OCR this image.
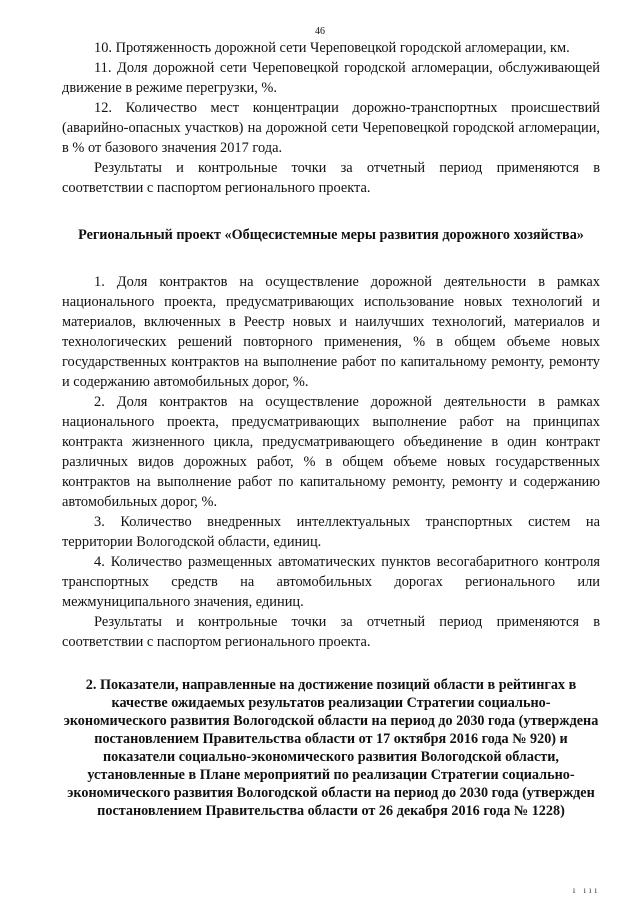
46

10. Протяженность дорожной сети Череповецкой городской агломерации, км.

11. Доля дорожной сети Череповецкой городской агломерации, обслуживающей движение в режиме перегрузки, %.

12. Количество мест концентрации дорожно-транспортных происшествий (аварийно-опасных участков) на дорожной сети Череповецкой городской агломерации, в % от базового значения 2017 года.

Результаты и контрольные точки за отчетный период применяются в соответствии с паспортом регионального проекта.

Региональный проект «Общесистемные меры развития дорожного хозяйства»

1. Доля контрактов на осуществление дорожной деятельности в рамках национального проекта, предусматривающих использование новых технологий и материалов, включенных в Реестр новых и наилучших технологий, материалов и технологических решений повторного применения, % в общем объеме новых государственных контрактов на выполнение работ по капитальному ремонту, ремонту и содержанию автомобильных дорог, %.

2. Доля контрактов на осуществление дорожной деятельности в рамках национального проекта, предусматривающих выполнение работ на принципах контракта жизненного цикла, предусматривающего объединение в один контракт различных видов дорожных работ, % в общем объеме новых государственных контрактов на выполнение работ по капитальному ремонту, ремонту и содержанию автомобильных дорог, %.

3. Количество внедренных интеллектуальных транспортных систем на территории Вологодской области, единиц.

4. Количество размещенных автоматических пунктов весогабаритного контроля транспортных средств на автомобильных дорогах регионального или межмуниципального значения, единиц.

Результаты и контрольные точки за отчетный период применяются в соответствии с паспортом регионального проекта.

2. Показатели, направленные на достижение позиций области в рейтингах в качестве ожидаемых результатов реализации Стратегии социально-экономического развития Вологодской области на период до 2030 года (утверждена постановлением Правительства области от 17 октября 2016 года № 920) и показатели социально-экономического развития Вологодской области, установленные в Плане мероприятий по реализации Стратегии социально-экономического развития Вологодской области на период до 2030 года (утвержден постановлением Правительства области от 26 декабря 2016 года № 1228)
ı ııı
